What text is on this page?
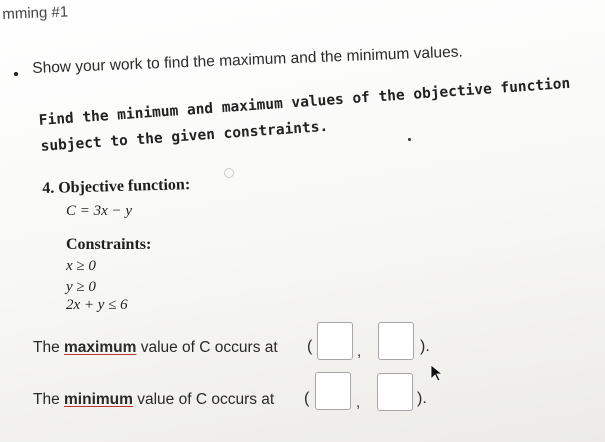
mming #1
Show your work to find the maximum and the minimum values.
Find the minimum and maximum values of the objective function
subject to the given constraints.
4. Objective function:
C = 3x − y
Constraints:
x ≥ 0
y ≥ 0
2x + y ≤ 6
The maximum value of C occurs at (	,	).
The minimum value of C occurs at (	,	).
